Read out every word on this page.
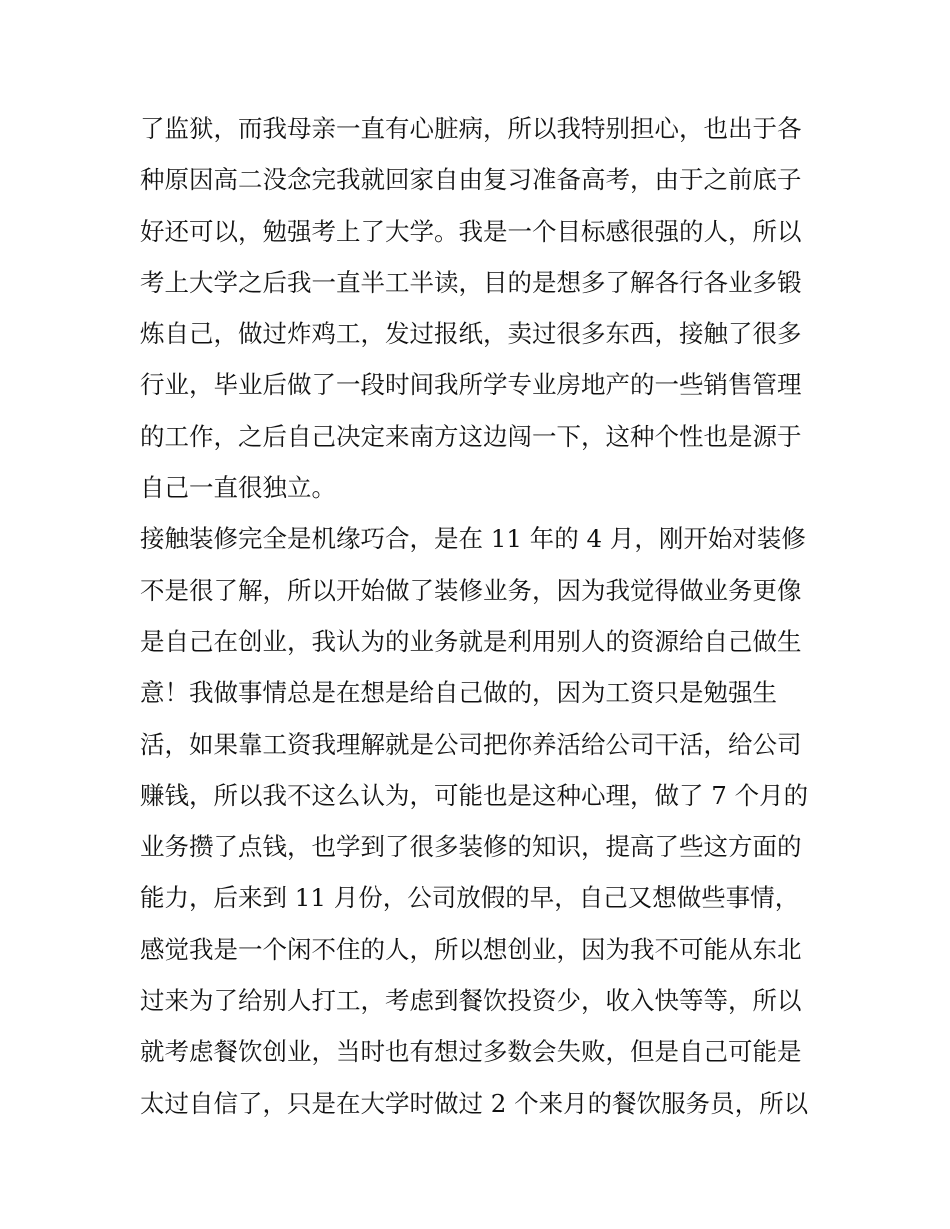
了监狱，而我母亲一直有心脏病，所以我特别担心，也出于各
种原因高二没念完我就回家自由复习准备高考，由于之前底子
好还可以，勉强考上了大学。我是一个目标感很强的人，所以
考上大学之后我一直半工半读，目的是想多了解各行各业多锻
炼自己，做过炸鸡工，发过报纸，卖过很多东西，接触了很多
行业，毕业后做了一段时间我所学专业房地产的一些销售管理
的工作，之后自己决定来南方这边闯一下，这种个性也是源于
自己一直很独立。
接触装修完全是机缘巧合，是在 11 年的 4 月，刚开始对装修
不是很了解，所以开始做了装修业务，因为我觉得做业务更像
是自己在创业，我认为的业务就是利用别人的资源给自己做生
意！我做事情总是在想是给自己做的，因为工资只是勉强生
活，如果靠工资我理解就是公司把你养活给公司干活，给公司
赚钱，所以我不这么认为，可能也是这种心理，做了 7 个月的
业务攒了点钱，也学到了很多装修的知识，提高了些这方面的
能力，后来到 11 月份，公司放假的早，自己又想做些事情，
感觉我是一个闲不住的人，所以想创业，因为我不可能从东北
过来为了给别人打工，考虑到餐饮投资少，收入快等等，所以
就考虑餐饮创业，当时也有想过多数会失败，但是自己可能是
太过自信了，只是在大学时做过 2 个来月的餐饮服务员，所以
